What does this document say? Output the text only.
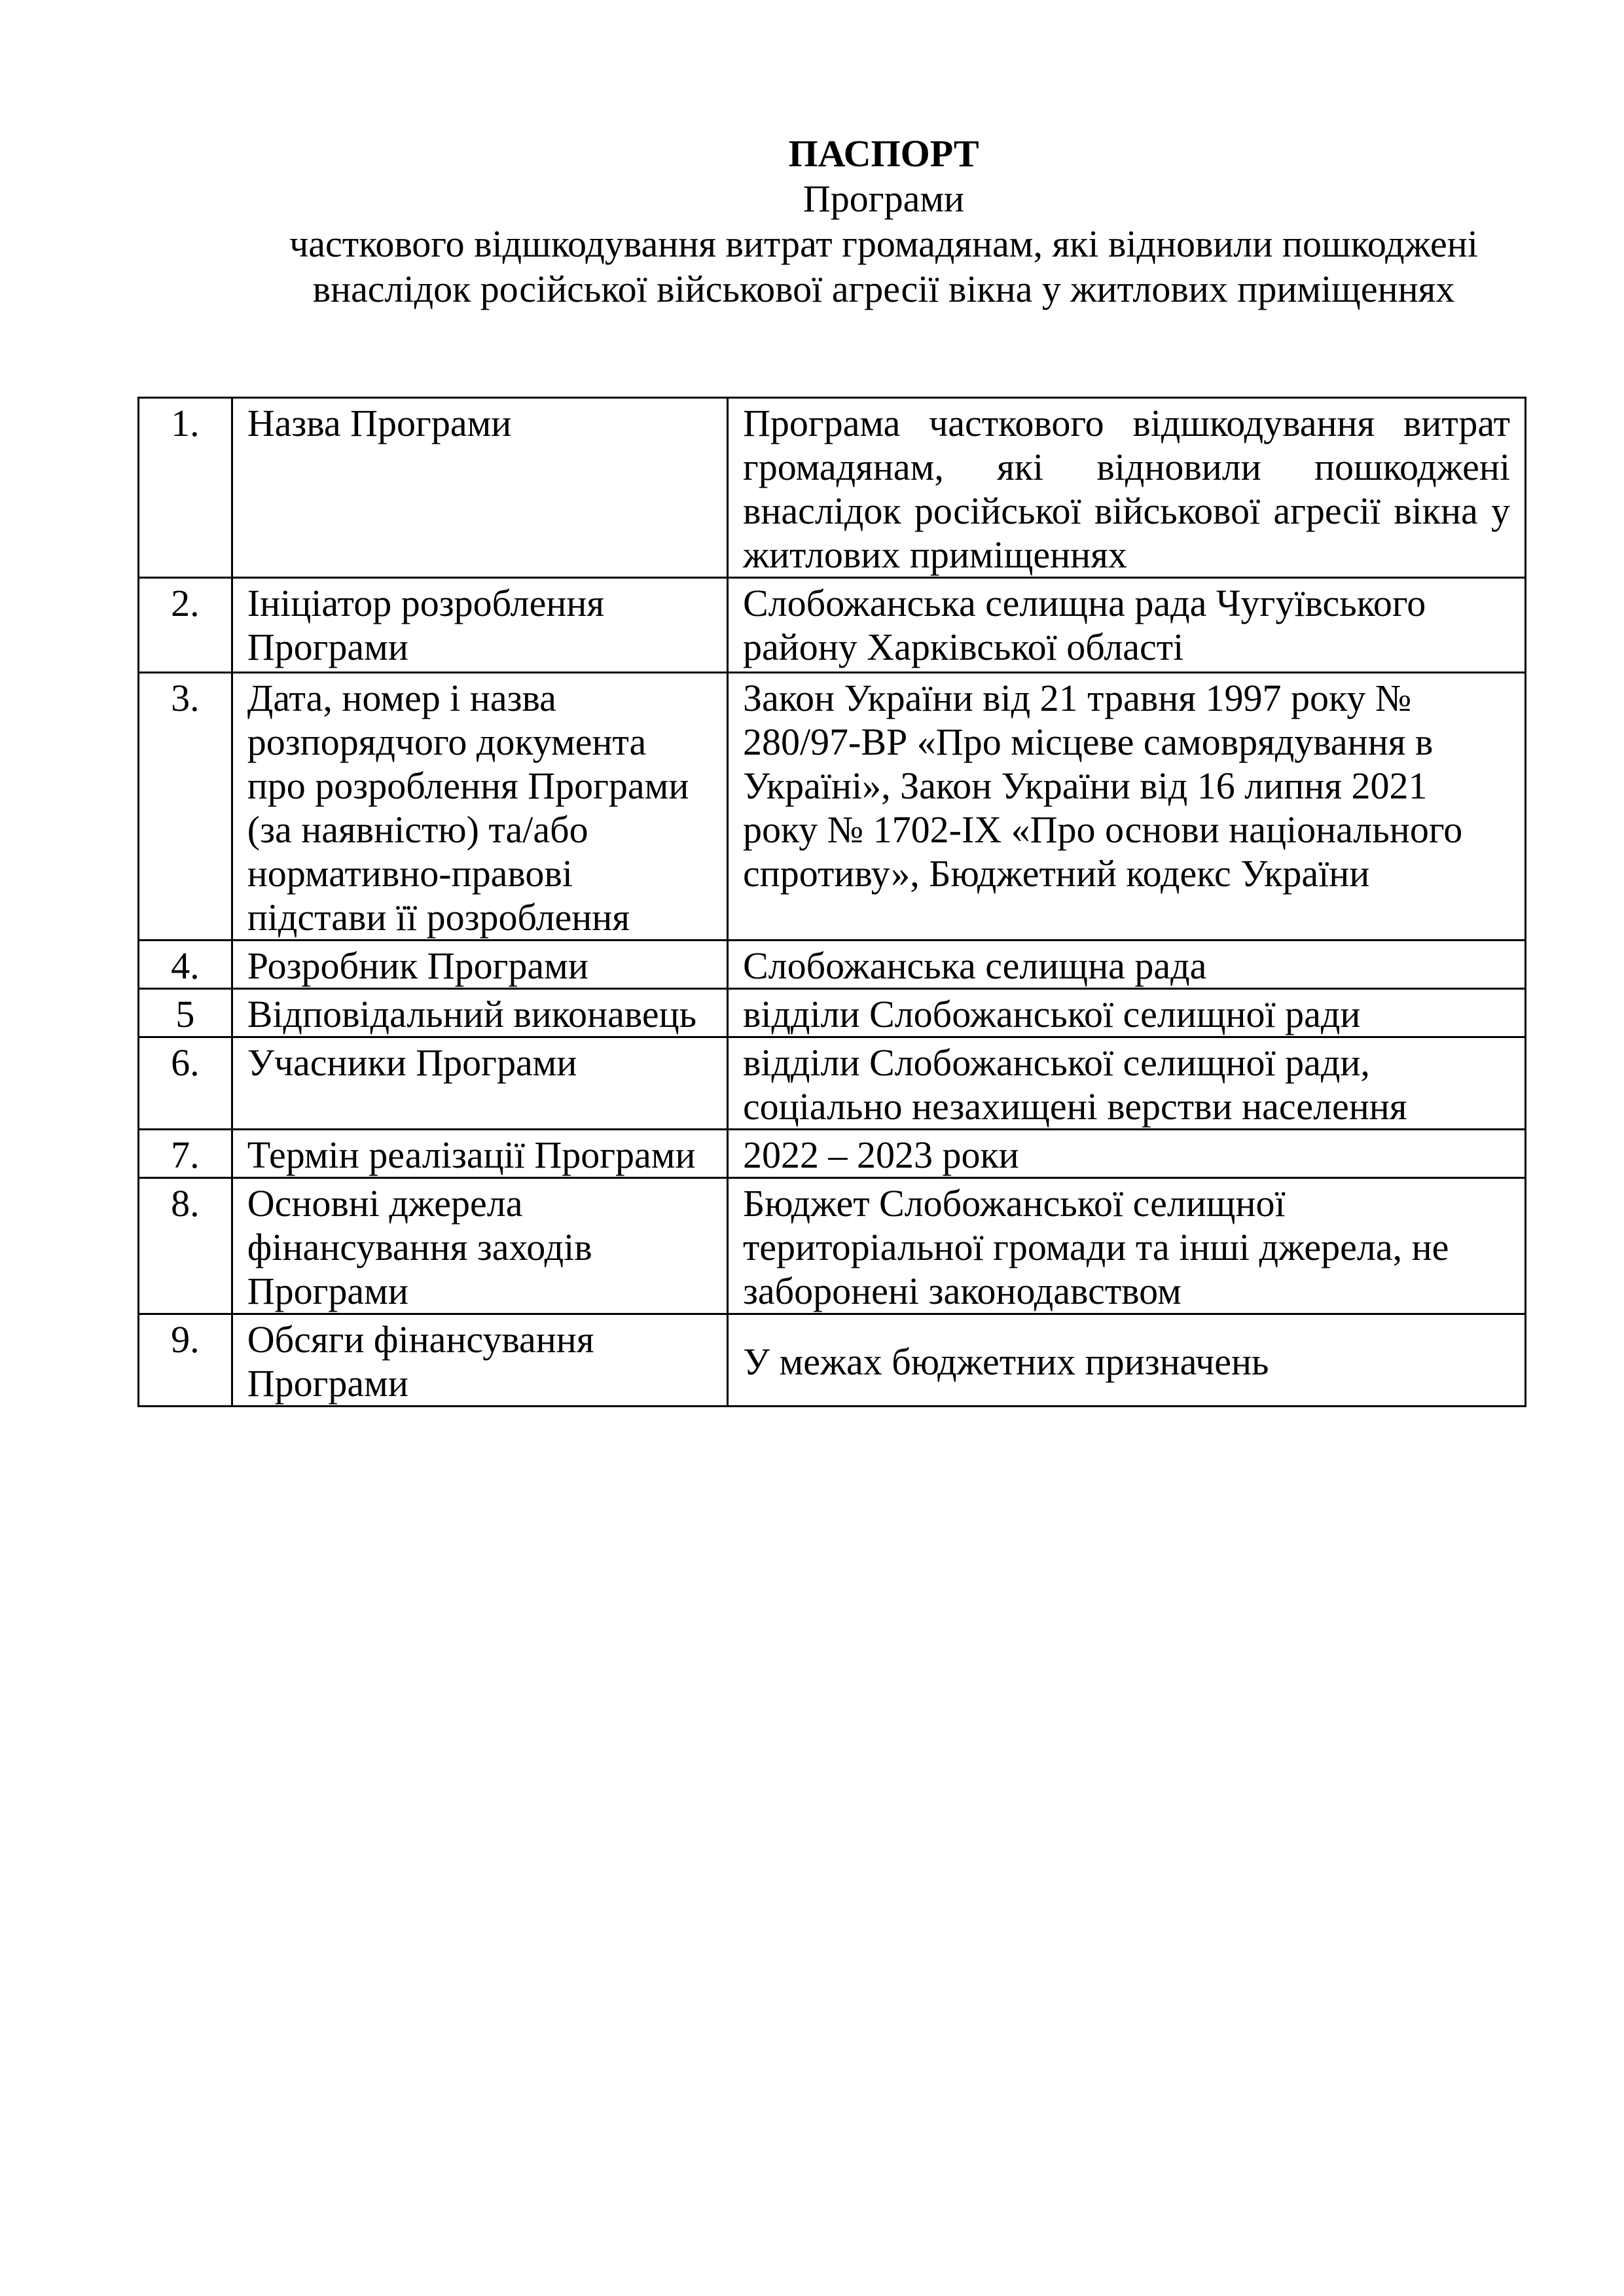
ПАСПОРТ
Програми
часткового відшкодування витрат громадянам, які відновили пошкоджені
внаслідок російської військової агресії вікна у житлових приміщеннях
1.	Назва Програми	Програма часткового відшкодування витрат громадянам, які відновили пошкоджені внаслідок російської військової агресії вікна у житлових приміщеннях
2.	Ініціатор розроблення Програми	Слобожанська селищна рада Чугуївського району Харківської області
3.	Дата, номер і назва розпорядчого документа про розроблення Програми (за наявністю) та/або нормативно-правові підстави її розроблення	Закон України від 21 травня 1997 року № 280/97-ВР «Про місцеве самоврядування в Україні», Закон України від 16 липня 2021 року № 1702-IX «Про основи національного спротиву», Бюджетний кодекс України
4.	Розробник Програми	Слобожанська селищна рада
5	Відповідальний виконавець	відділи Слобожанської селищної ради
6.	Учасники Програми	відділи Слобожанської селищної ради, соціально незахищені верстви населення
7.	Термін реалізації Програми	2022 – 2023 роки
8.	Основні джерела фінансування заходів Програми	Бюджет Слобожанської селищної територіальної громади та інші джерела, не заборонені законодавством
9.	Обсяги фінансування Програми	У межах бюджетних призначень
